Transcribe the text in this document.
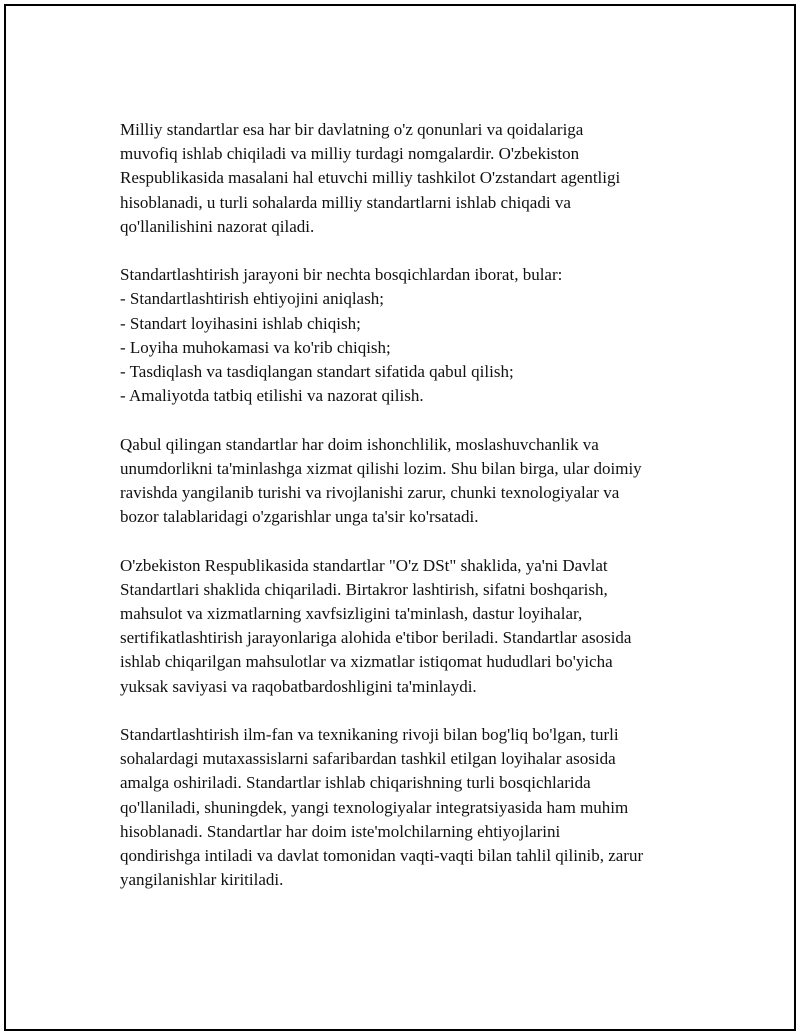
Milliy standartlar esa har bir davlatning o'z qonunlari va qoidalariga
muvofiq ishlab chiqiladi va milliy turdagi nomgalardir. O'zbekiston
Respublikasida masalani hal etuvchi milliy tashkilot O'zstandart agentligi
hisoblanadi, u turli sohalarda milliy standartlarni ishlab chiqadi va
qo'llanilishini nazorat qiladi.

Standartlashtirish jarayoni bir nechta bosqichlardan iborat, bular:
- Standartlashtirish ehtiyojini aniqlash;
- Standart loyihasini ishlab chiqish;
- Loyiha muhokamasi va ko'rib chiqish;
- Tasdiqlash va tasdiqlangan standart sifatida qabul qilish;
- Amaliyotda tatbiq etilishi va nazorat qilish.

Qabul qilingan standartlar har doim ishonchlilik, moslashuvchanlik va
unumdorlikni ta'minlashga xizmat qilishi lozim. Shu bilan birga, ular doimiy
ravishda yangilanib turishi va rivojlanishi zarur, chunki texnologiyalar va
bozor talablaridagi o'zgarishlar unga ta'sir ko'rsatadi.

O'zbekiston Respublikasida standartlar "O'z DSt" shaklida, ya'ni Davlat
Standartlari shaklida chiqariladi. Birtakror lashtirish, sifatni boshqarish,
mahsulot va xizmatlarning xavfsizligini ta'minlash, dastur loyihalar,
sertifikatlashtirish jarayonlariga alohida e'tibor beriladi. Standartlar asosida
ishlab chiqarilgan mahsulotlar va xizmatlar istiqomat hududlari bo'yicha
yuksak saviyasi va raqobatbardoshligini ta'minlaydi.

Standartlashtirish ilm-fan va texnikaning rivoji bilan bog'liq bo'lgan, turli
sohalardagi mutaxassislarni safaribardan tashkil etilgan loyihalar asosida
amalga oshiriladi. Standartlar ishlab chiqarishning turli bosqichlarida
qo'llaniladi, shuningdek, yangi texnologiyalar integratsiyasida ham muhim
hisoblanadi. Standartlar har doim iste'molchilarning ehtiyojlarini
qondirishga intiladi va davlat tomonidan vaqti-vaqti bilan tahlil qilinib, zarur
yangilanishlar kiritiladi.
